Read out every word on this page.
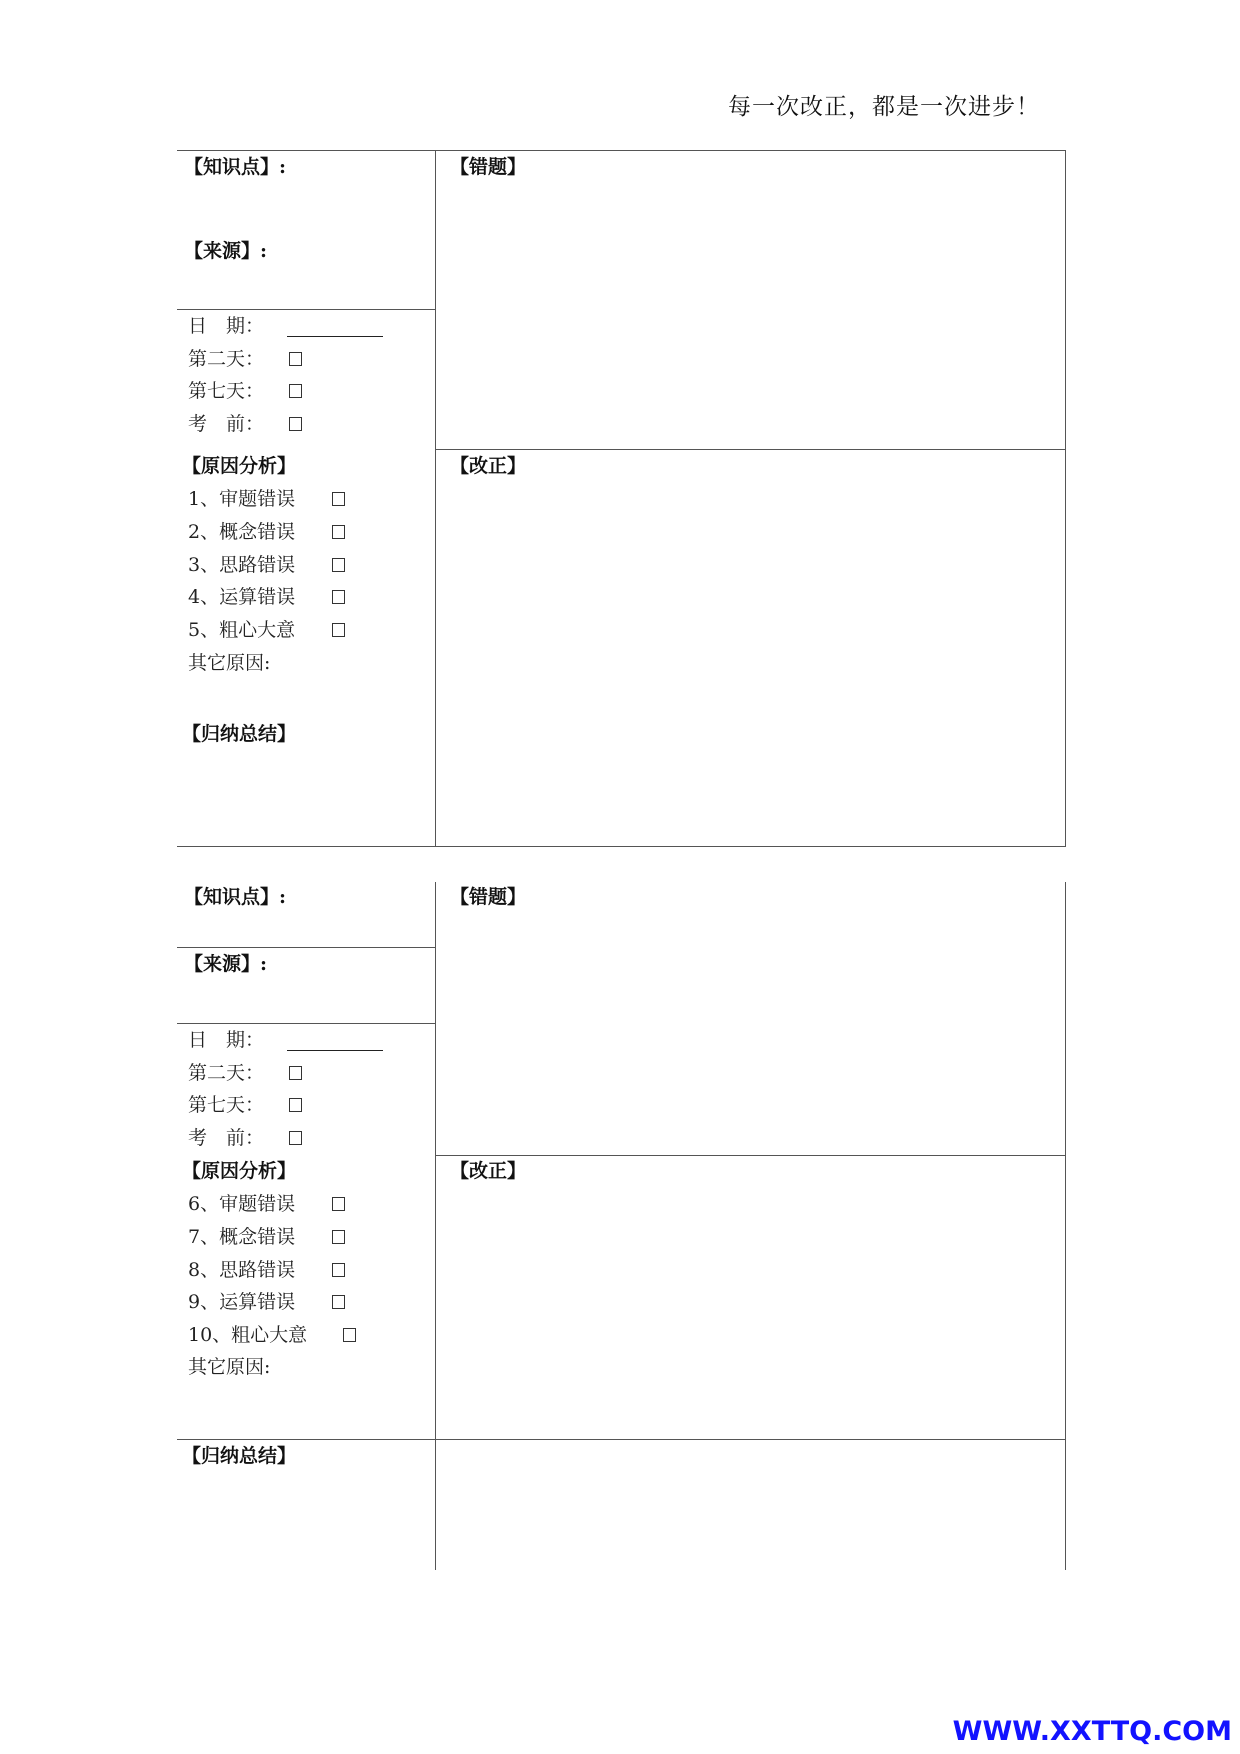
每一次改正，都是一次进步！
【知识点】:
【来源】:
日　期：
第二天：
第七天：
考　前：
【错题】
【原因分析】
1、审题错误
2、概念错误
3、思路错误
4、运算错误
5、粗心大意
其它原因:
【归纳总结】
【改正】
【知识点】:
【来源】:
日　期：
第二天：
第七天：
考　前：
【错题】
【原因分析】
6、审题错误
7、概念错误
8、思路错误
9、运算错误
10、粗心大意
其它原因:
【改正】
【归纳总结】
WWW.XXTTQ.COM
